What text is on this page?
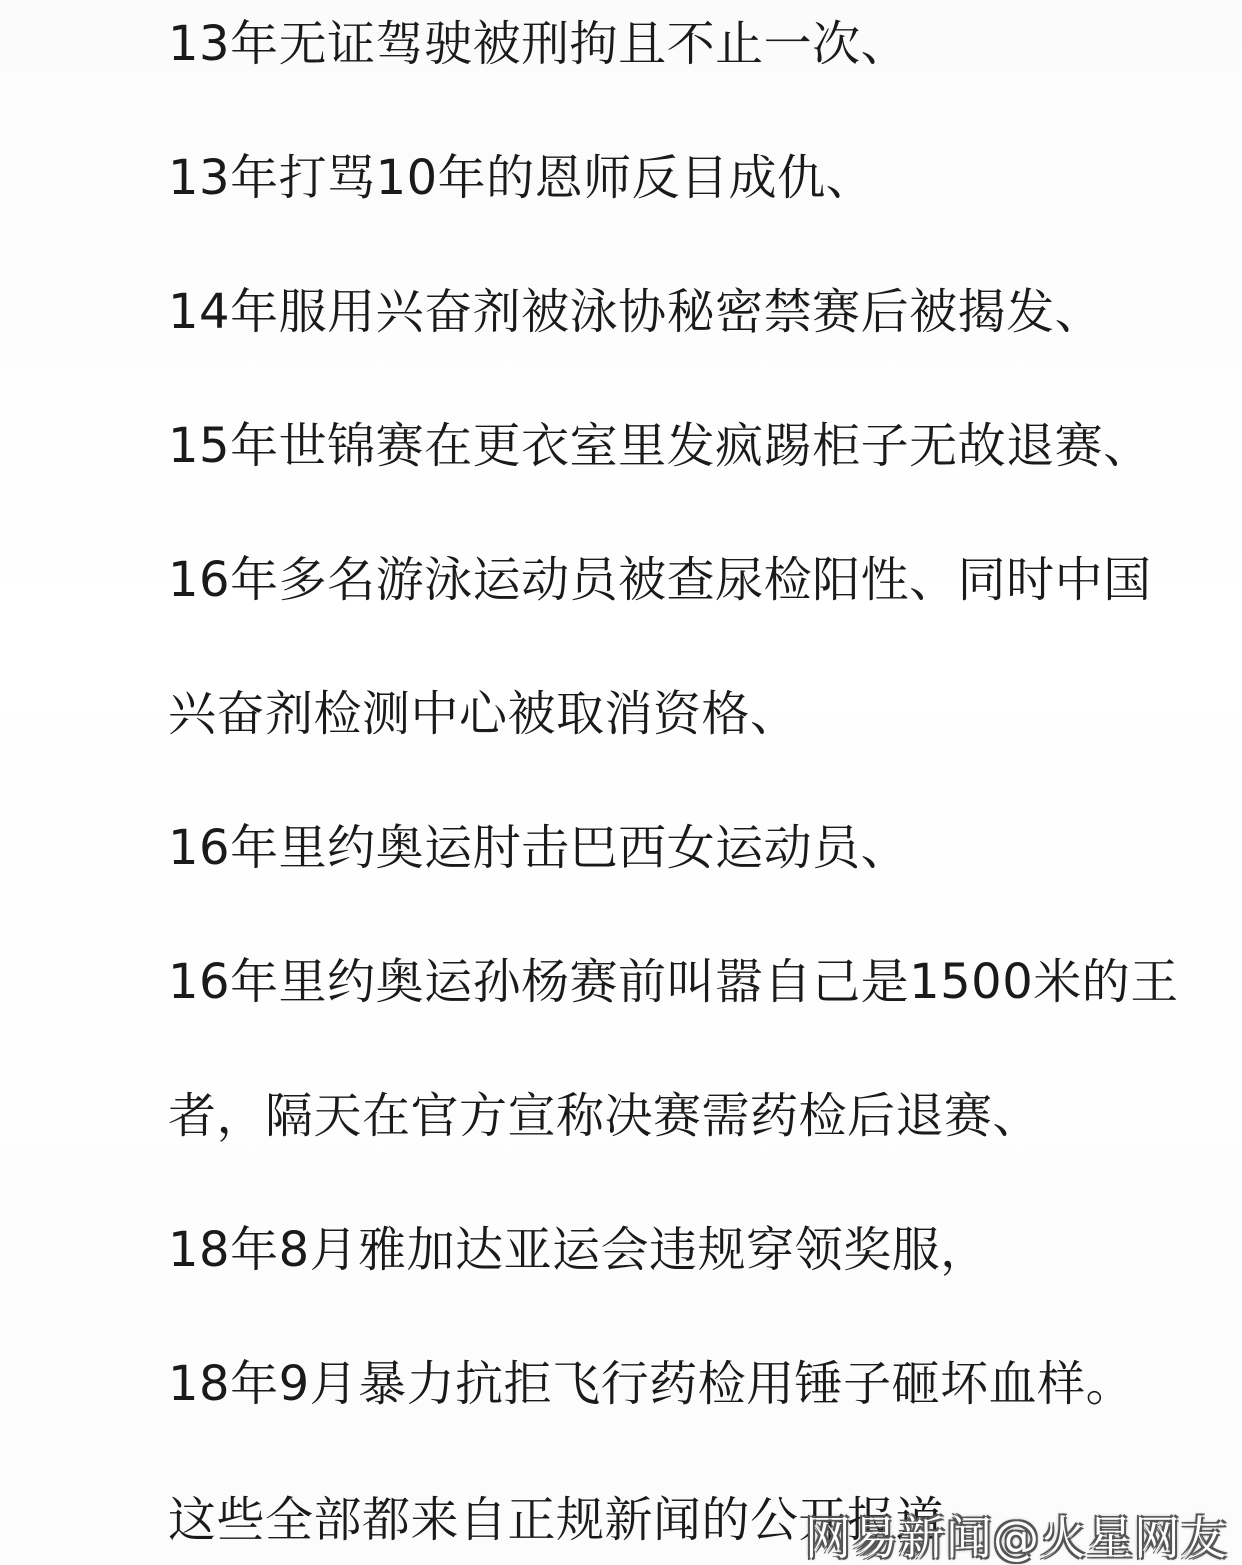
13年无证驾驶被刑拘且不止一次、

13年打骂10年的恩师反目成仇、

14年服用兴奋剂被泳协秘密禁赛后被揭发、

15年世锦赛在更衣室里发疯踢柜子无故退赛、

16年多名游泳运动员被查尿检阳性、同时中国

兴奋剂检测中心被取消资格、

16年里约奥运肘击巴西女运动员、

16年里约奥运孙杨赛前叫嚣自己是1500米的王

者，隔天在官方宣称决赛需药检后退赛、

18年8月雅加达亚运会违规穿领奖服，

18年9月暴力抗拒飞行药检用锤子砸坏血样。

这些全部都来自正规新闻的公开报道

网易新闻@火星网友
